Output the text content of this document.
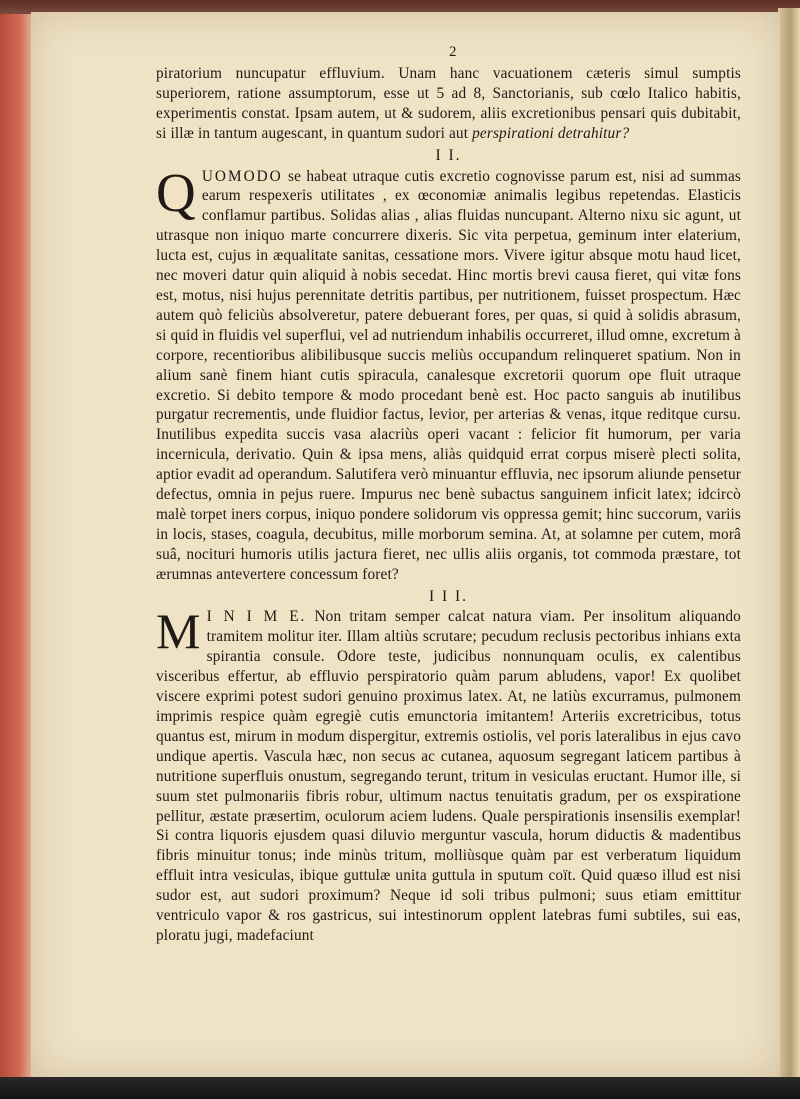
2

piratorium nuncupatur effluvium. Unam hanc vacuationem cæteris simul sumptis superiorem, ratione assumptorum, esse ut 5 ad 8, Sanctorianis, sub cœlo Italico habitis, experimentis constat. Ipsam autem, ut & sudorem, aliis excretionibus pensari quis dubitabit, si illæ in tantum augescant, in quantum sudori aut perspirationi detrahitur?

I I.

QUOMODO se habeat utraque cutis excretio cognovisse parum est, nisi ad summas earum respexeris utilitates , ex œconomiæ animalis legibus repetendas. Elasticis conflamur partibus. Solidas alias , alias fluidas nuncupant. Alterno nixu sic agunt, ut utrasque non iniquo marte concurrere dixeris. Sic vita perpetua, geminum inter elaterium, lucta est, cujus in æqualitate sanitas, cessatione mors. Vivere igitur absque motu haud licet, nec moveri datur quin aliquid à nobis secedat. Hinc mortis brevi causa fieret, qui vitæ fons est, motus, nisi hujus perennitate detritis partibus, per nutritionem, fuisset prospectum. Hæc autem quò feliciùs absolveretur, patere debuerant fores, per quas, si quid à solidis abrasum, si quid in fluidis vel superflui, vel ad nutriendum inhabilis occurreret, illud omne, excretum à corpore, recentioribus alibilibusque succis meliùs occupandum relinqueret spatium. Non in alium sanè finem hiant cutis spiracula, canalesque excretorii quorum ope fluit utraque excretio. Si debito tempore & modo procedant benè est. Hoc pacto sanguis ab inutilibus purgatur recrementis, unde fluidior factus, levior, per arterias & venas, itque reditque cursu. Inutilibus expedita succis vasa alacriùs operi vacant : felicior fit humorum, per varia incernicula, derivatio. Quin & ipsa mens, aliàs quidquid errat corpus miserè plecti solita, aptior evadit ad operandum. Salutifera verò minuantur effluvia, nec ipsorum aliunde pensetur defectus, omnia in pejus ruere. Impurus nec benè subactus sanguinem inficit latex; idcircò malè torpet iners corpus, iniquo pondere solidorum vis oppressa gemit; hinc succorum, variis in locis, stases, coagula, decubitus, mille morborum semina. At, at solamne per cutem, morâ suâ, nocituri humoris utilis jactura fieret, nec ullis aliis organis, tot commoda præstare, tot ærumnas antevertere concessum foret?

I I I.

M I N I M E. Non tritam semper calcat natura viam. Per insolitum aliquando tramitem molitur iter. Illam altiùs scrutare; pecudum reclusis pectoribus inhians exta spirantia consule. Odore teste, judicibus nonnunquam oculis, ex calentibus visceribus effertur, ab effluvio perspiratorio quàm parum abludens, vapor! Ex quolibet viscere exprimi potest sudori genuino proximus latex. At, ne latiùs excurramus, pulmonem imprimis respice quàm egregiè cutis emunctoria imitantem! Arteriis excretricibus, totus quantus est, mirum in modum dispergitur, extremis ostiolis, vel poris lateralibus in ejus cavo undique apertis. Vascula hæc, non secus ac cutanea, aquosum segregant laticem partibus à nutritione superfluis onustum, segregando terunt, tritum in vesiculas eructant. Humor ille, si suum stet pulmonariis fibris robur, ultimum nactus tenuitatis gradum, per os exspiratione pellitur, æstate præsertim, oculorum aciem ludens. Quale perspirationis insensilis exemplar! Si contra liquoris ejusdem quasi diluvio merguntur vascula, horum diductis & madentibus fibris minuitur tonus; inde minùs tritum, molliùsque quàm par est verberatum liquidum effluit intra vesiculas, ibique guttulæ unita guttula in sputum coït. Quid quæso illud est nisi sudor est, aut sudori proximum? Neque id soli tribus pulmoni; suus etiam emittitur ventriculo vapor & ros gastricus, sui intestinorum opplent latebras fumi subtiles, sui eas, ploratu jugi, madefaciunt
